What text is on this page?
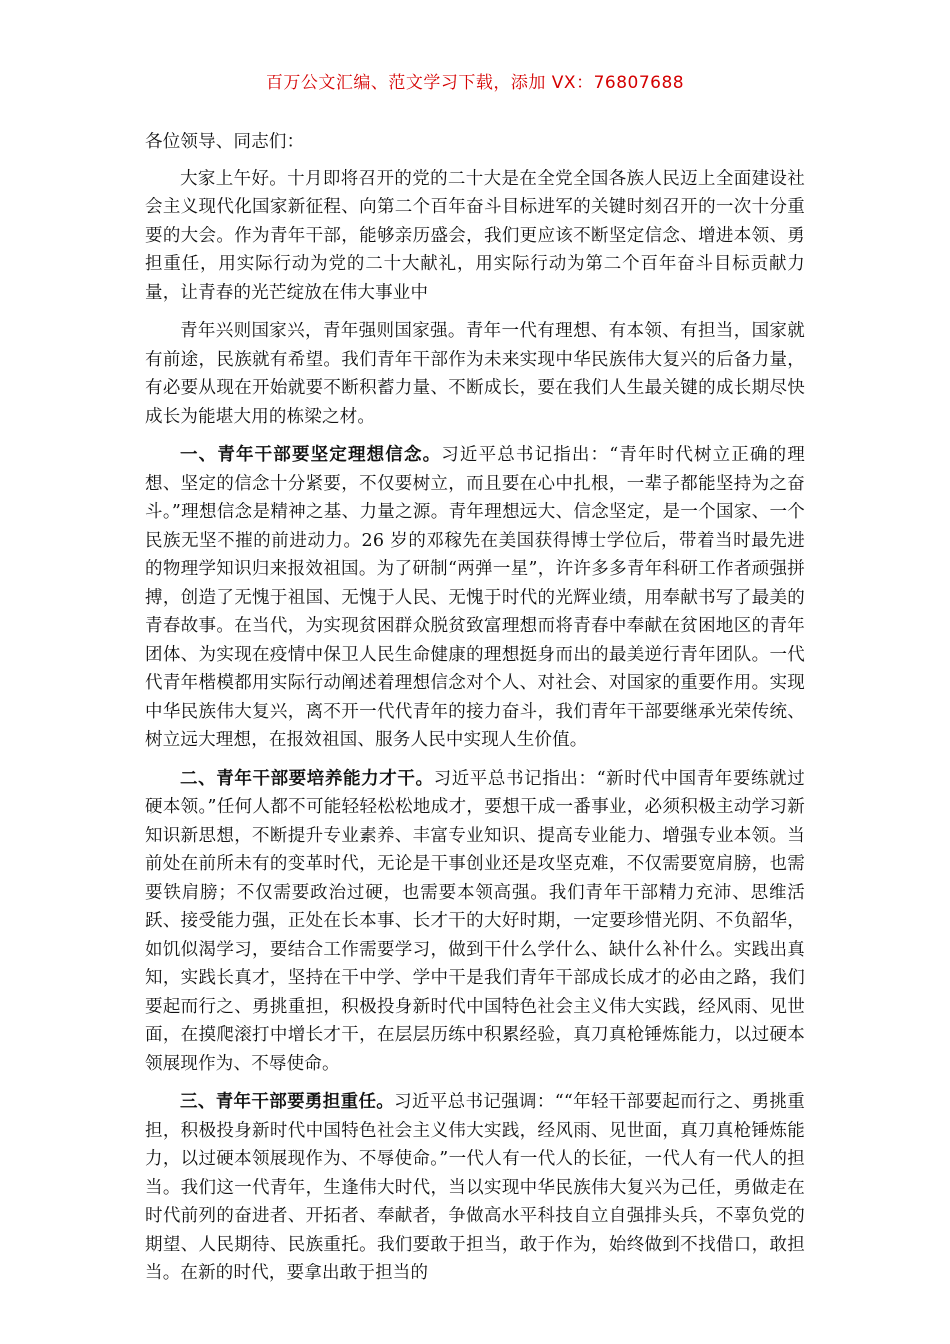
百万公文汇编、范文学习下载，添加 VX：76807688
各位领导、同志们：

大家上午好。十月即将召开的党的二十大是在全党全国各族人民迈上全面建设社会主义现代化国家新征程、向第二个百年奋斗目标进军的关键时刻召开的一次十分重要的大会。作为青年干部，能够亲历盛会，我们更应该不断坚定信念、增进本领、勇担重任，用实际行动为党的二十大献礼，用实际行动为第二个百年奋斗目标贡献力量，让青春的光芒绽放在伟大事业中

青年兴则国家兴，青年强则国家强。青年一代有理想、有本领、有担当，国家就有前途，民族就有希望。我们青年干部作为未来实现中华民族伟大复兴的后备力量，有必要从现在开始就要不断积蓄力量、不断成长，要在我们人生最关键的成长期尽快成长为能堪大用的栋梁之材。

一、青年干部要坚定理想信念。习近平总书记指出：“青年时代树立正确的理想、坚定的信念十分紧要，不仅要树立，而且要在心中扎根，一辈子都能坚持为之奋斗。”理想信念是精神之基、力量之源。青年理想远大、信念坚定，是一个国家、一个民族无坚不摧的前进动力。26 岁的邓稼先在美国获得博士学位后，带着当时最先进的物理学知识归来报效祖国。为了研制“两弹一星”，许许多多青年科研工作者顽强拼搏，创造了无愧于祖国、无愧于人民、无愧于时代的光辉业绩，用奉献书写了最美的青春故事。在当代，为实现贫困群众脱贫致富理想而将青春中奉献在贫困地区的青年团体、为实现在疫情中保卫人民生命健康的理想挺身而出的最美逆行青年团队。一代代青年楷模都用实际行动阐述着理想信念对个人、对社会、对国家的重要作用。实现中华民族伟大复兴，离不开一代代青年的接力奋斗，我们青年干部要继承光荣传统、树立远大理想，在报效祖国、服务人民中实现人生价值。

二、青年干部要培养能力才干。习近平总书记指出：“新时代中国青年要练就过硬本领。”任何人都不可能轻轻松松地成才，要想干成一番事业，必须积极主动学习新知识新思想，不断提升专业素养、丰富专业知识、提高专业能力、增强专业本领。当前处在前所未有的变革时代，无论是干事创业还是攻坚克难，不仅需要宽肩膀，也需要铁肩膀；不仅需要政治过硬，也需要本领高强。我们青年干部精力充沛、思维活跃、接受能力强，正处在长本事、长才干的大好时期，一定要珍惜光阴、不负韶华，如饥似渴学习，要结合工作需要学习，做到干什么学什么、缺什么补什么。实践出真知，实践长真才，坚持在干中学、学中干是我们青年干部成长成才的必由之路，我们要起而行之、勇挑重担，积极投身新时代中国特色社会主义伟大实践，经风雨、见世面，在摸爬滚打中增长才干，在层层历练中积累经验，真刀真枪锤炼能力，以过硬本领展现作为、不辱使命。

三、青年干部要勇担重任。习近平总书记强调：““年轻干部要起而行之、勇挑重担，积极投身新时代中国特色社会主义伟大实践，经风雨、见世面，真刀真枪锤炼能力，以过硬本领展现作为、不辱使命。”一代人有一代人的长征，一代人有一代人的担当。我们这一代青年，生逢伟大时代，当以实现中华民族伟大复兴为己任，勇做走在时代前列的奋进者、开拓者、奉献者，争做高水平科技自立自强排头兵，不辜负党的期望、人民期待、民族重托。我们要敢于担当，敢于作为，始终做到不找借口，敢担当。在新的时代，要拿出敢于担当的
